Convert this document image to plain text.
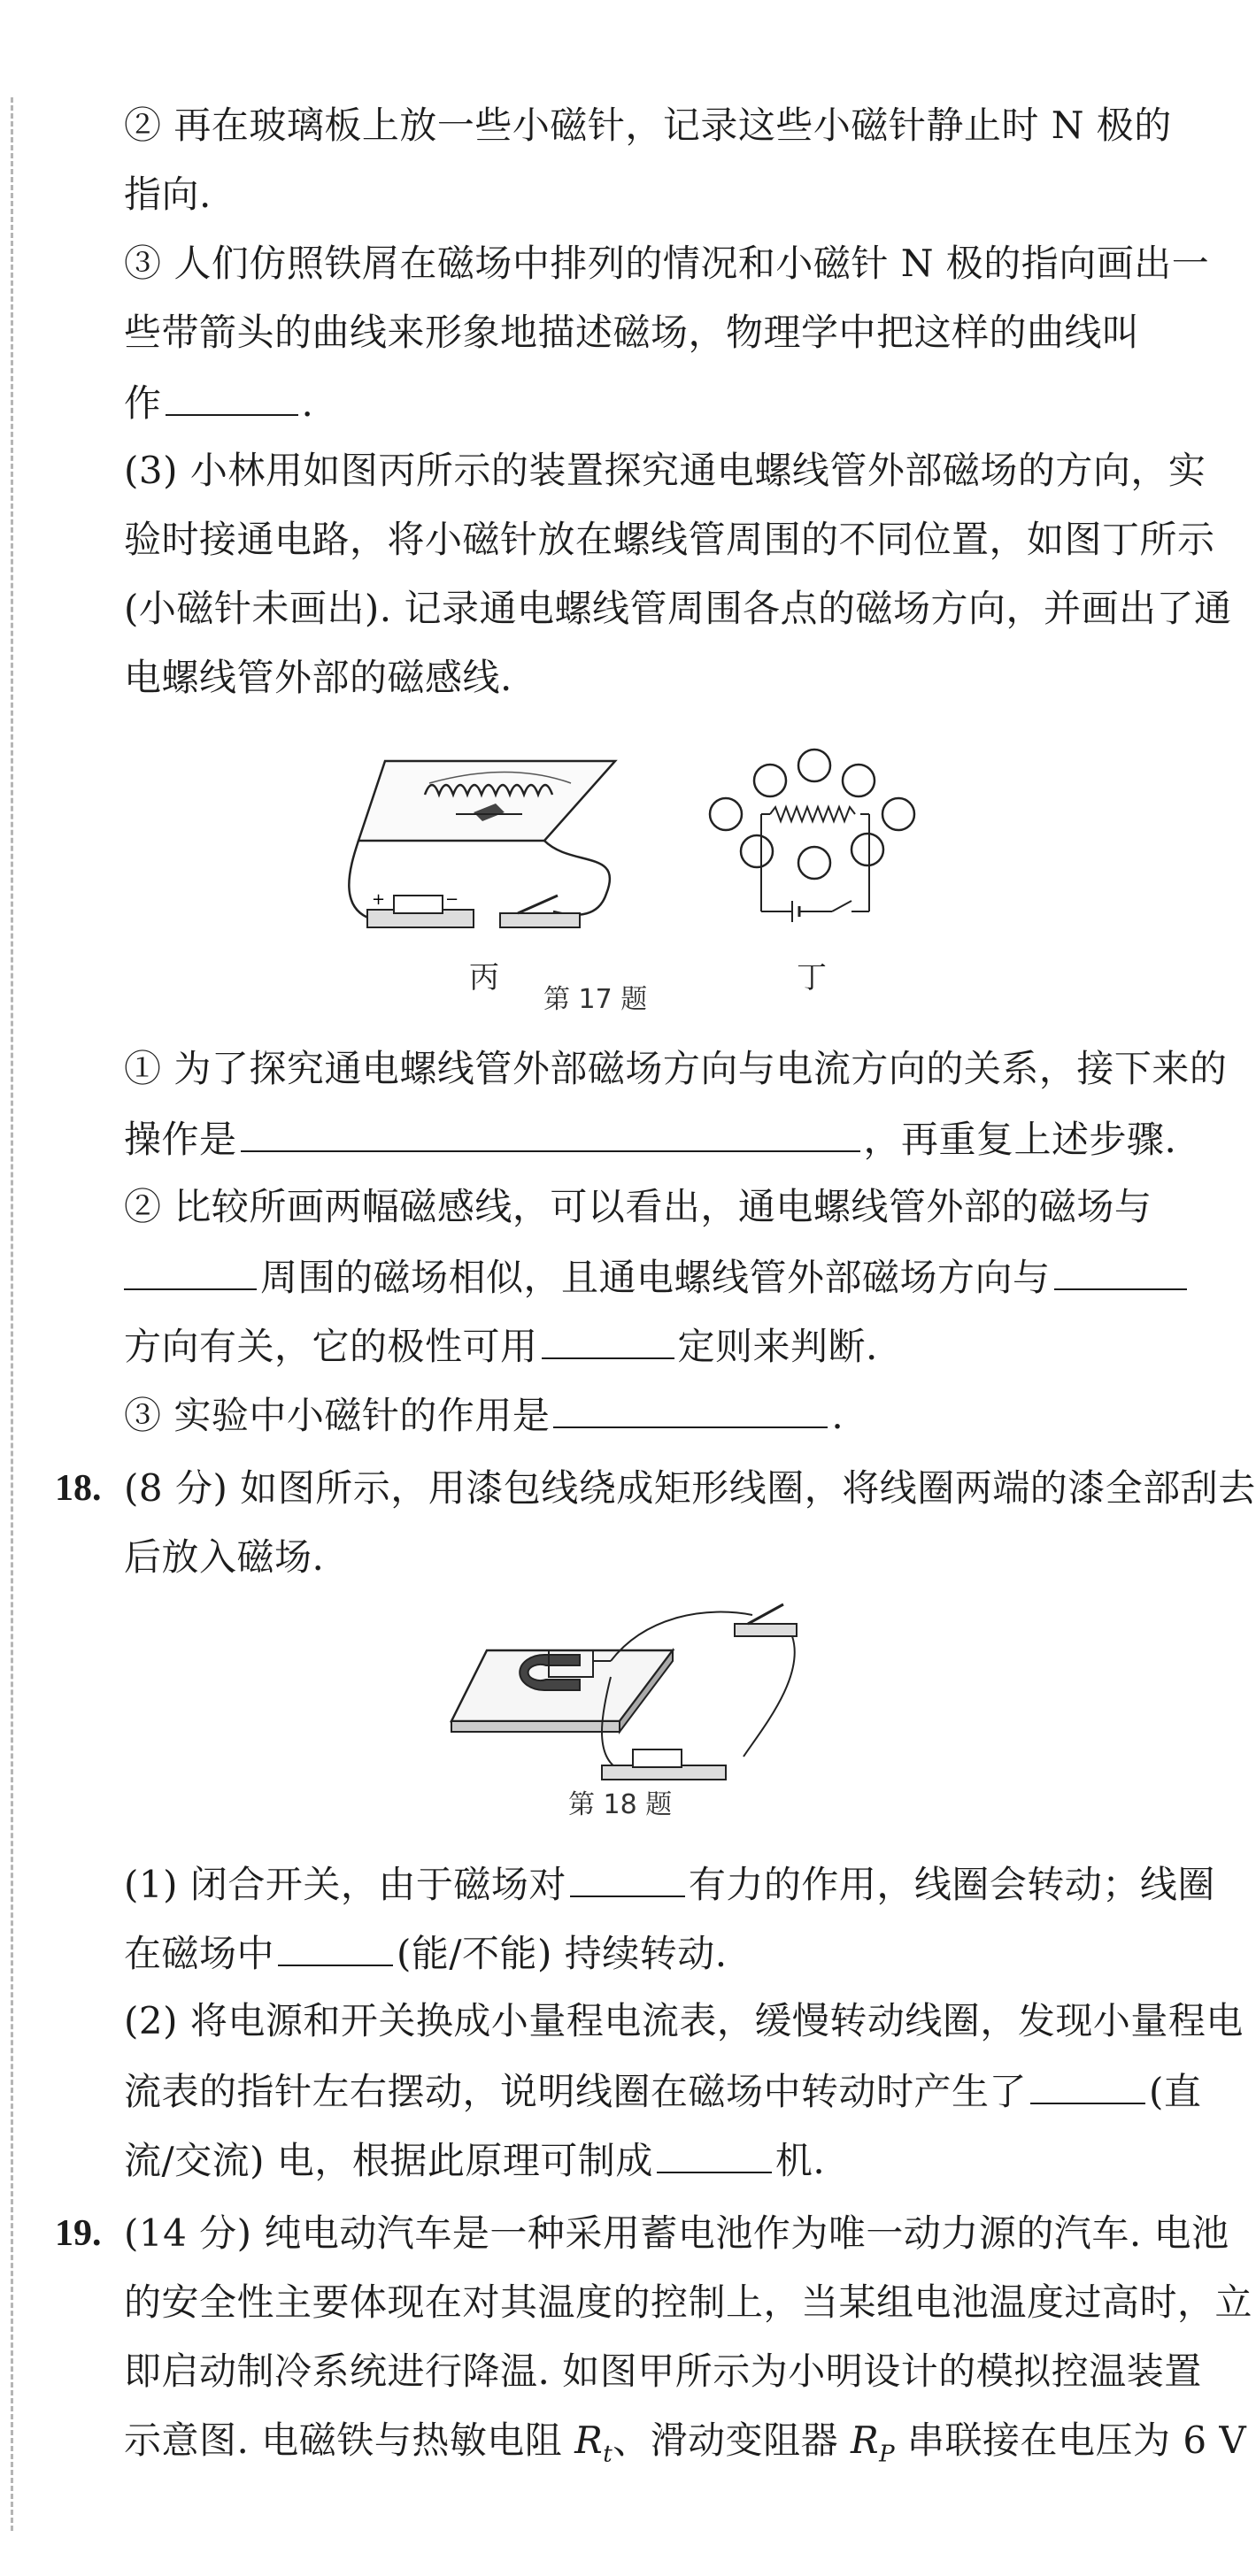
② 再在玻璃板上放一些小磁针，记录这些小磁针静止时 N 极的
指向.
③ 人们仿照铁屑在磁场中排列的情况和小磁针 N 极的指向画出一
些带箭头的曲线来形象地描述磁场，物理学中把这样的曲线叫
作	.
(3) 小林用如图丙所示的装置探究通电螺线管外部磁场的方向，实
验时接通电路，将小磁针放在螺线管周围的不同位置，如图丁所示
(小磁针未画出). 记录通电螺线管周围各点的磁场方向，并画出了通
电螺线管外部的磁感线.
+	−
丙	丁
第 17 题
① 为了探究通电螺线管外部磁场方向与电流方向的关系，接下来的
操作是	，再重复上述步骤.
② 比较所画两幅磁感线，可以看出，通电螺线管外部的磁场与
周围的磁场相似，且通电螺线管外部磁场方向与
方向有关，它的极性可用	定则来判断.
③ 实验中小磁针的作用是	.
18. (8 分) 如图所示，用漆包线绕成矩形线圈，将线圈两端的漆全部刮去
后放入磁场.
第 18 题
(1) 闭合开关，由于磁场对	有力的作用，线圈会转动；线圈
在磁场中	(能/不能) 持续转动.
(2) 将电源和开关换成小量程电流表，缓慢转动线圈，发现小量程电
流表的指针左右摆动，说明线圈在磁场中转动时产生了	(直
流/交流) 电，根据此原理可制成	机.
19. (14 分) 纯电动汽车是一种采用蓄电池作为唯一动力源的汽车. 电池
的安全性主要体现在对其温度的控制上，当某组电池温度过高时，立
即启动制冷系统进行降温. 如图甲所示为小明设计的模拟控温装置
示意图. 电磁铁与热敏电阻 $R_t$、滑动变阻器 $R_P$ 串联接在电压为 6 V
